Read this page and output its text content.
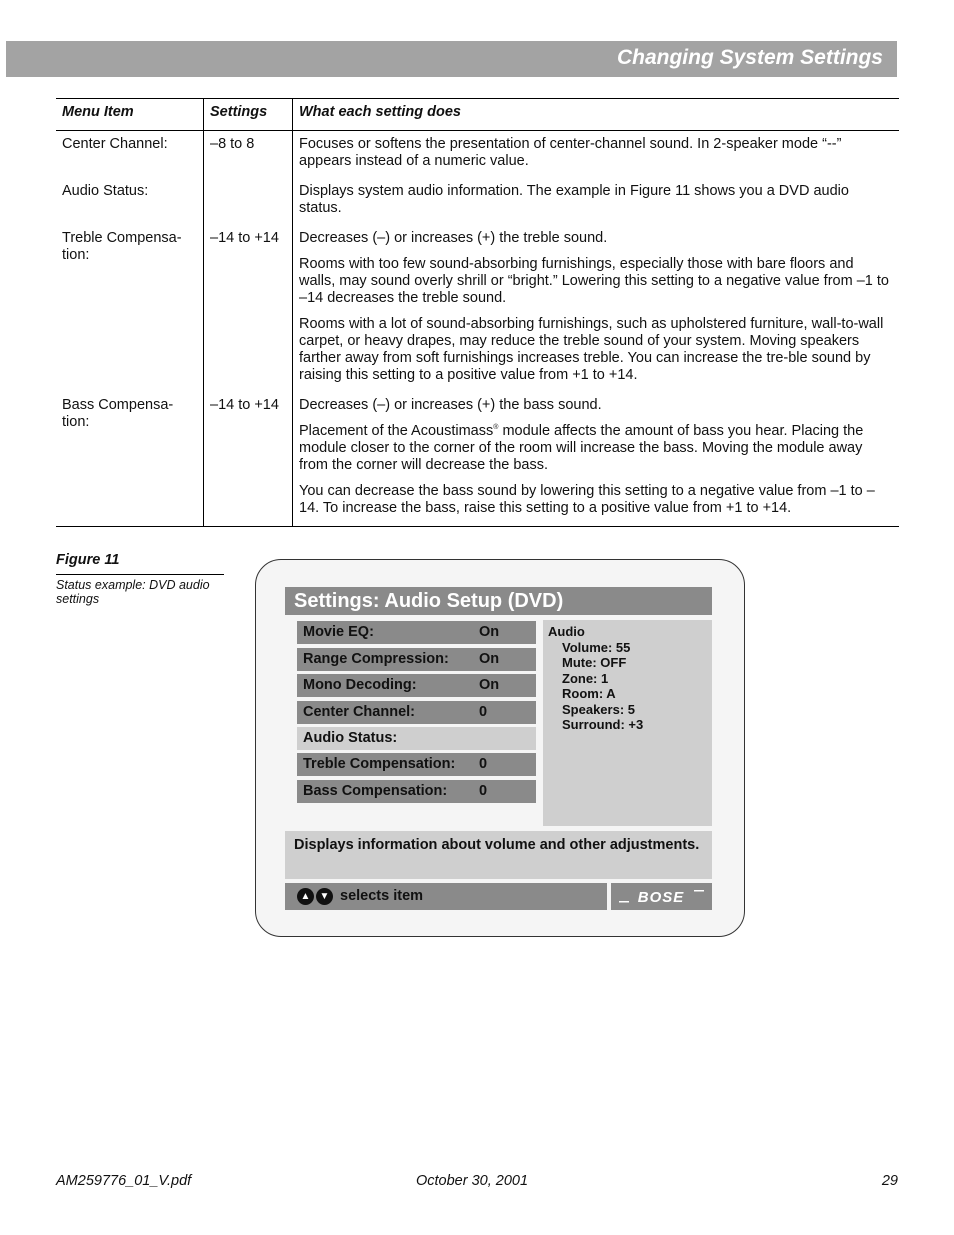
Changing System Settings
Menu Item	Settings	What each setting does
Center Channel:	–8 to 8	Focuses or softens the presentation of center-channel sound. In 2-speaker mode “--” appears instead of a numeric value.

Audio Status:		Displays system audio information. The example in Figure 11 shows you a DVD audio status.

Treble Compensa-tion:	–14 to +14	Decreases (–) or increases (+) the treble sound.

Rooms with too few sound-absorbing furnishings, especially those with bare floors and walls, may sound overly shrill or “bright.” Lowering this setting to a negative value from –1 to –14 decreases the treble sound.

Rooms with a lot of sound-absorbing furnishings, such as upholstered furniture, wall-to-wall carpet, or heavy drapes, may reduce the treble sound of your system. Moving speakers farther away from soft furnishings increases treble. You can increase the tre-ble sound by raising this setting to a positive value from +1 to +14.

Bass Compensa-tion:	–14 to +14	Decreases (–) or increases (+) the bass sound.

Placement of the Acoustimass® module affects the amount of bass you hear. Placing the module closer to the corner of the room will increase the bass. Moving the module away from the corner will decrease the bass.

You can decrease the bass sound by lowering this setting to a negative value from –1 to –14. To increase the bass, raise this setting to a positive value from +1 to +14.

Figure 11
Status example: DVD audio settings	Settings: Audio Setup (DVD)
Movie EQ:	On
Range Compression: On
Mono Decoding:	On
Center Channel:	0
Audio Status:
Treble Compensation: 0
Bass Compensation: 0
Audio
Volume: 55
Mute: OFF
Zone: 1
Room: A
Speakers: 5
Surround: +3
Displays information about volume and other adjustments.
▲ ▼ selects item	BOSE
AM259776_01_V.pdf	October 30, 2001	29
